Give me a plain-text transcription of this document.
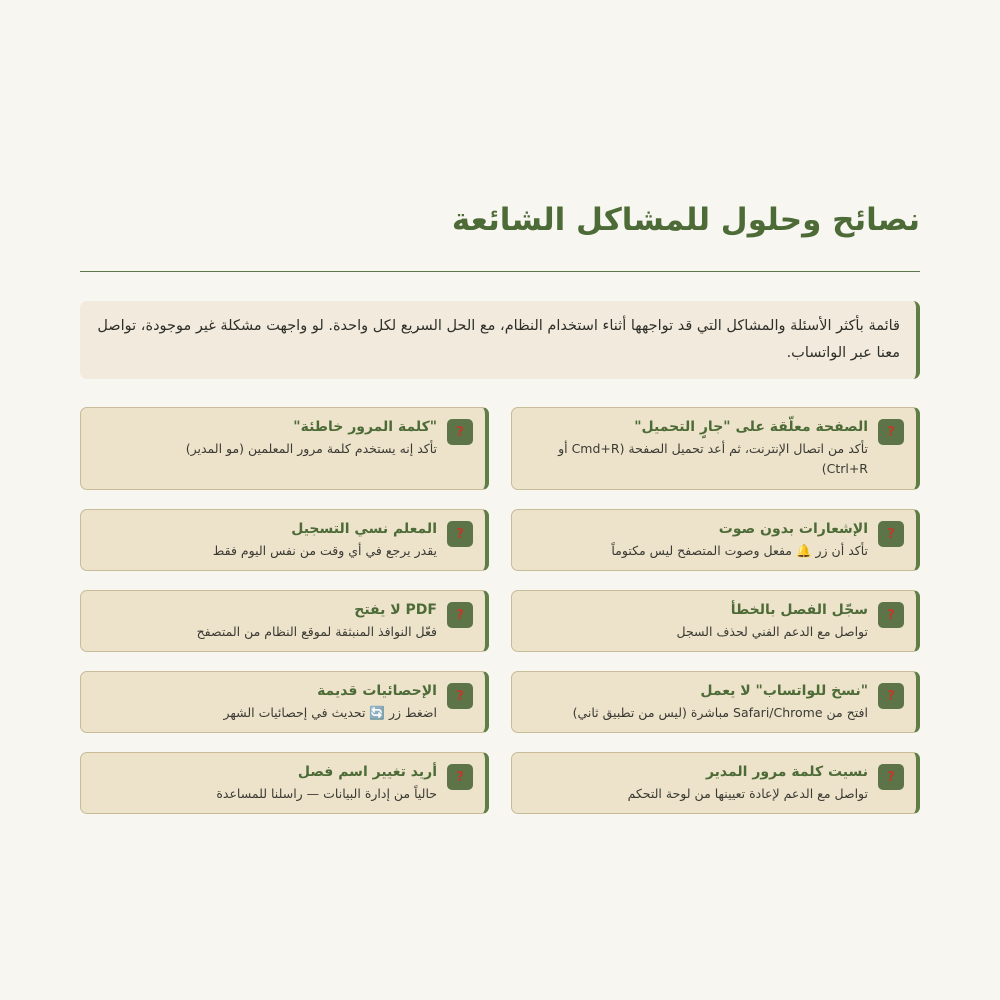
نصائح وحلول للمشاكل الشائعة
قائمة بأكثر الأسئلة والمشاكل التي قد تواجهها أثناء استخدام النظام، مع الحل السريع لكل واحدة. لو واجهت مشكلة غير موجودة، تواصل معنا عبر الواتساب.
?
الصفحة معلّقة على "جارٍ التحميل"
تأكد من اتصال الإنترنت، ثم أعد تحميل الصفحة (Cmd+R أو Ctrl+R)
?
"كلمة المرور خاطئة"
تأكد إنه يستخدم كلمة مرور المعلمين (مو المدير)
?
الإشعارات بدون صوت
تأكد أن زر 🔔 مفعل وصوت المتصفح ليس مكتوماً
?
المعلم نسي التسجيل
يقدر يرجع في أي وقت من نفس اليوم فقط
?
سجّل الفصل بالخطأ
تواصل مع الدعم الفني لحذف السجل
?
PDF لا يفتح
فعّل النوافذ المنبثقة لموقع النظام من المتصفح
?
"نسخ للواتساب" لا يعمل
افتح من Safari/Chrome مباشرة (ليس من تطبيق ثاني)
?
الإحصائيات قديمة
اضغط زر 🔄 تحديث في إحصائيات الشهر
?
نسيت كلمة مرور المدير
تواصل مع الدعم لإعادة تعيينها من لوحة التحكم
?
أريد تغيير اسم فصل
حالياً من إدارة البيانات — راسلنا للمساعدة
